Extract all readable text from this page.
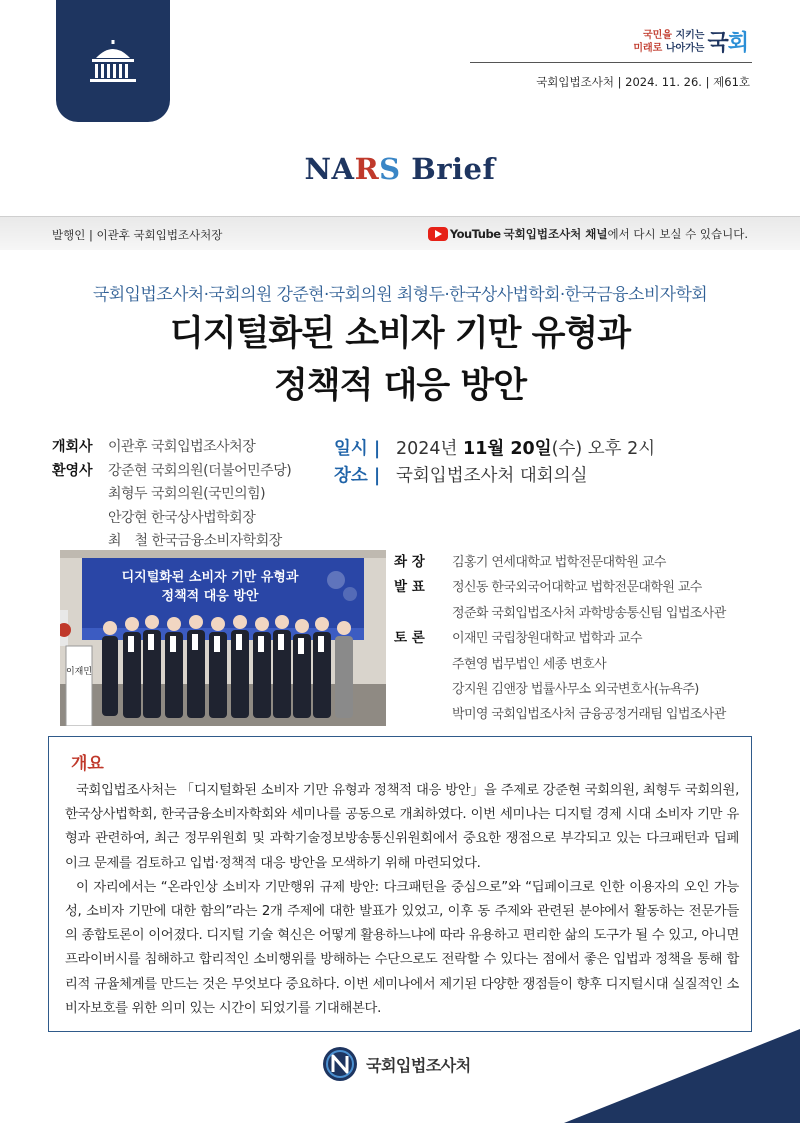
국민을 지키는
미래로 나아가는 국회
국회입법조사처 | 2024. 11. 26. | 제61호
NARS Brief
발행인 | 이관후 국회입법조사처장	YouTube 국회입법조사처 채널 에서 다시 보실 수 있습니다.
국회입법조사처·국회의원 강준현·국회의원 최형두·한국상사법학회·한국금융소비자학회
디지털화된 소비자 기만 유형과
정책적 대응 방안
개회사	이관후 국회입법조사처장
환영사	강준현 국회의원(더불어민주당)
최형두 국회의원(국민의힘)
안강현 한국상사법학회장
최　철 한국금융소비자학회장
일시 | 2024년 11월 20일(수) 오후 2시
장소 | 국회입법조사처 대회의실
디지털화된 소비자 기만 유형과
정책적 대응 방안
이재민
좌 장	김홍기 연세대학교 법학전문대학원 교수
발 표	정신동 한국외국어대학교 법학전문대학원 교수
정준화 국회입법조사처 과학방송통신팀 입법조사관
토 론	이재민 국립창원대학교 법학과 교수
주현영 법무법인 세종 변호사
강지원 김앤장 법률사무소 외국변호사(뉴욕주)
박미영 국회입법조사처 금융공정거래팀 입법조사관
개요

국회입법조사처는 「디지털화된 소비자 기만 유형과 정책적 대응 방안」을 주제로 강준현 국회의원, 최형두 국회의원, 한국상사법학회, 한국금융소비자학회와 세미나를 공동으로 개최하였다. 이번 세미나는 디지털 경제 시대 소비자 기만 유형과 관련하여, 최근 정무위원회 및 과학기술정보방송통신위원회에서 중요한 쟁점으로 부각되고 있는 다크패턴과 딥페이크 문제를 검토하고 입법·정책적 대응 방안을 모색하기 위해 마련되었다.

이 자리에서는 “온라인상 소비자 기만행위 규제 방안: 다크패턴을 중심으로”와 “딥페이크로 인한 이용자의 오인 가능성, 소비자 기만에 대한 함의”라는 2개 주제에 대한 발표가 있었고, 이후 동 주제와 관련된 분야에서 활동하는 전문가들의 종합토론이 이어졌다. 디지털 기술 혁신은 어떻게 활용하느냐에 따라 유용하고 편리한 삶의 도구가 될 수 있고, 아니면 프라이버시를 침해하고 합리적인 소비행위를 방해하는 수단으로도 전락할 수 있다는 점에서 좋은 입법과 정책을 통해 합리적 규율체계를 만드는 것은 무엇보다 중요하다. 이번 세미나에서 제기된 다양한 쟁점들이 향후 디지털시대 실질적인 소비자보호를 위한 의미 있는 시간이 되었기를 기대해본다.

국회입법조사처
